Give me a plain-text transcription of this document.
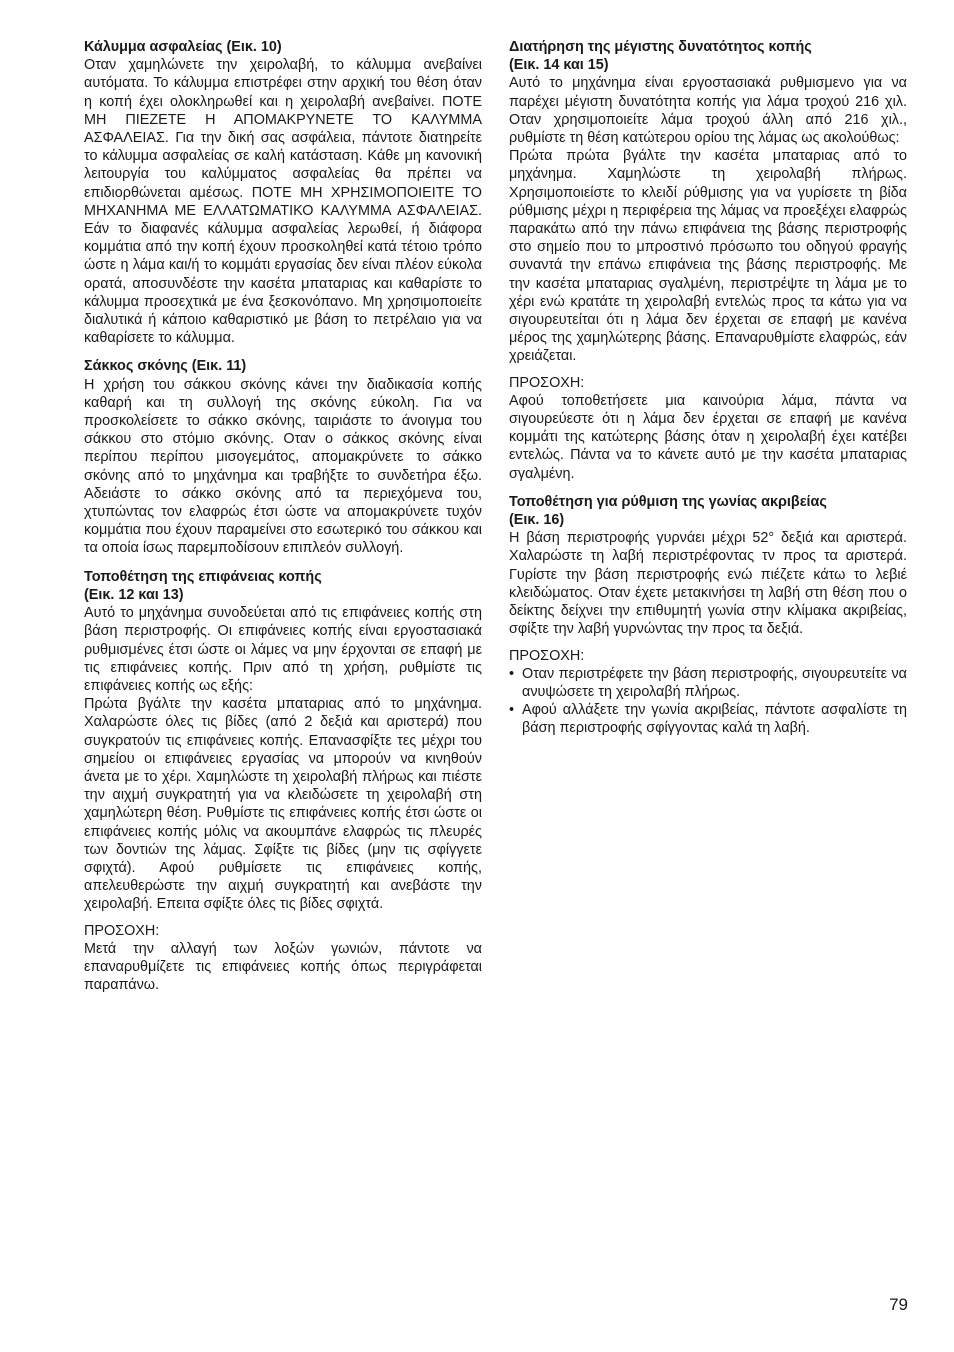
Κάλυμμα ασφαλείας (Εικ. 10)

Οταν χαμηλώνετε την χειρολαβή, το κάλυμμα ανεβαίνει αυτόματα. Το κάλυμμα επιστρέφει στην αρχική του θέση όταν η κοπή έχει ολοκληρωθεί και η χειρολαβή ανεβαίνει. ΠΟΤΕ ΜΗ ΠΙΕΖΕΤΕ Η ΑΠΟΜΑΚΡΥΝΕΤΕ ΤΟ ΚΑΛΥΜΜΑ ΑΣΦΑΛΕΙΑΣ. Για την δική σας ασφάλεια, πάντοτε διατηρείτε το κάλυμμα ασφαλείας σε καλή κατάσταση. Κάθε μη κανονική λειτουργία του καλύμματος ασφαλείας θα πρέπει να επιδιορθώνεται αμέσως. ΠΟΤΕ ΜΗ ΧΡΗΣΙΜΟΠΟΙΕΙΤΕ ΤΟ ΜΗΧΑΝΗΜΑ ΜΕ ΕΛΛΑΤΩΜΑΤΙΚΟ ΚΑΛΥΜΜΑ ΑΣΦΑΛΕΙΑΣ. Εάν το διαφανές κάλυμμα ασφαλείας λερωθεί, ή διάφορα κομμάτια από την κοπή έχουν προσκοληθεί κατά τέτοιο τρόπο ώστε η λάμα και/ή το κομμάτι εργασίας δεν είναι πλέον εύκολα ορατά, αποσυνδέστε την κασέτα μπαταριας και καθαρίστε το κάλυμμα προσεχτικά με ένα ξεσκονόπανο. Μη χρησιμοποιείτε διαλυτικά ή κάποιο καθαριστικό με βάση το πετρέλαιο για να καθαρίσετε το κάλυμμα.

Σάκκος σκόνης (Εικ. 11)

Η χρήση του σάκκου σκόνης κάνει την διαδικασία κοπής καθαρή και τη συλλογή της σκόνης εύκολη. Για να προσκολείσετε το σάκκο σκόνης, ταιριάστε το άνοιγμα του σάκκου στο στόμιο σκόνης. Οταν ο σάκκος σκόνης είναι περίπου περίπου μισογεμάτος, απομακρύνετε το σάκκο σκόνης από το μηχάνημα και τραβήξτε το συνδετήρα έξω. Αδειάστε το σάκκο σκόνης από τα περιεχόμενα του, χτυπώντας τον ελαφρώς έτσι ώστε να απομακρύνετε τυχόν κομμάτια που έχουν παραμείνει στο εσωτερικό του σάκκου και τα οποία ίσως παρεμποδίσουν επιπλεόν συλλογή.

Τοποθέτηση της επιφάνειας κοπής

(Εικ. 12 και 13)

Αυτό το μηχάνημα συνοδεύεται από τις επιφάνειες κοπής στη βάση περιστροφής. Οι επιφάνειες κοπής είναι εργοστασιακά ρυθμισμένες έτσι ώστε οι λάμες να μην έρχονται σε επαφή με τις επιφάνειες κοπής. Πριν από τη χρήση, ρυθμίστε τις επιφάνειες κοπής ως εξής:

Πρώτα βγάλτε την κασέτα μπαταριας από το μηχάνημα. Χαλαρώστε όλες τις βίδες (από 2 δεξιά και αριστερά) που συγκρατούν τις επιφάνειες κοπής. Επανασφίξτε τες μέχρι του σημείου οι επιφάνειες εργασίας να μπορούν να κινηθούν άνετα με το χέρι. Χαμηλώστε τη χειρολαβή πλήρως και πιέστε την αιχμή συγκρατητή για να κλειδώσετε τη χειρολαβή στη χαμηλώτερη θέση. Ρυθμίστε τις επιφάνειες κοπής έτσι ώστε οι επιφάνειες κοπής μόλις να ακουμπάνε ελαφρώς τις πλευρές των δοντιών της λάμας. Σφίξτε τις βίδες (μην τις σφίγγετε σφιχτά). Αφού ρυθμίσετε τις επιφάνειες κοπής, απελευθερώστε την αιχμή συγκρατητή και ανεβάστε την χειρολαβή. Επειτα σφίξτε όλες τις βίδες σφιχτά.

ΠΡΟΣΟΧΗ:

Μετά την αλλαγή των λοξών γωνιών, πάντοτε να επαναρυθμίζετε τις επιφάνειες κοπής όπως περιγράφεται παραπάνω.

Διατήρηση της μέγιστης δυνατότητος κοπής

(Εικ. 14 και 15)

Αυτό το μηχάνημα είναι εργοστασιακά ρυθμισμενο για να παρέχει μέγιστη δυνατότητα κοπής για λάμα τροχού 216 χιλ. Οταν χρησιμοποιείτε λάμα τροχού άλλη από 216 χιλ., ρυθμίστε τη θέση κατώτερου ορίου της λάμας ως ακολούθως:

Πρώτα πρώτα βγάλτε την κασέτα μπαταριας από το μηχάνημα. Χαμηλώστε τη χειρολαβή πλήρως. Χρησιμοποιείστε το κλειδί ρύθμισης για να γυρίσετε τη βίδα ρύθμισης μέχρι η περιφέρεια της λάμας να προεξέχει ελαφρώς παρακάτω από την πάνω επιφάνεια της βάσης περιστροφής στο σημείο που το μπροστινό πρόσωπο του οδηγού φραγής συναντά την επάνω επιφάνεια της βάσης περιστροφής. Με την κασέτα μπαταριας σγαλμένη, περιστρέψτε τη λάμα με το χέρι ενώ κρατάτε τη χειρολαβή εντελώς προς τα κάτω για να σιγουρευτείται ότι η λάμα δεν έρχεται σε επαφή με κανένα μέρος της χαμηλώτερης βάσης. Επαναρυθμίστε ελαφρώς, εάν χρειάζεται.

ΠΡΟΣΟΧΗ:

Αφού τοποθετήσετε μια καινούρια λάμα, πάντα να σιγουρεύεστε ότι η λάμα δεν έρχεται σε επαφή με κανένα κομμάτι της κατώτερης βάσης όταν η χειρολαβή έχει κατέβει εντελώς. Πάντα να το κάνετε αυτό με την κασέτα μπαταριας σγαλμένη.

Τοποθέτηση για ρύθμιση της γωνίας ακριβείας

(Εικ. 16)

Η βάση περιστροφής γυρνάει μέχρι 52° δεξιά και αριστερά. Χαλαρώστε τη λαβή περιστρέφοντας τν προς τα αριστερά. Γυρίστε την βάση περιστροφής ενώ πιέζετε κάτω το λεβιέ κλειδώματος. Οταν έχετε μετακινήσει τη λαβή στη θέση που ο δείκτης δείχνει την επιθυμητή γωνία στην κλίμακα ακριβείας, σφίξτε την λαβή γυρνώντας την προς τα δεξιά.

ΠΡΟΣΟΧΗ:

• Οταν περιστρέφετε την βάση περιστροφής, σιγουρευτείτε να ανυψώσετε τη χειρολαβή πλήρως.
• Αφού αλλάξετε την γωνία ακριβείας, πάντοτε ασφαλίστε τη βάση περιστροφής σφίγγοντας καλά τη λαβή.
79
